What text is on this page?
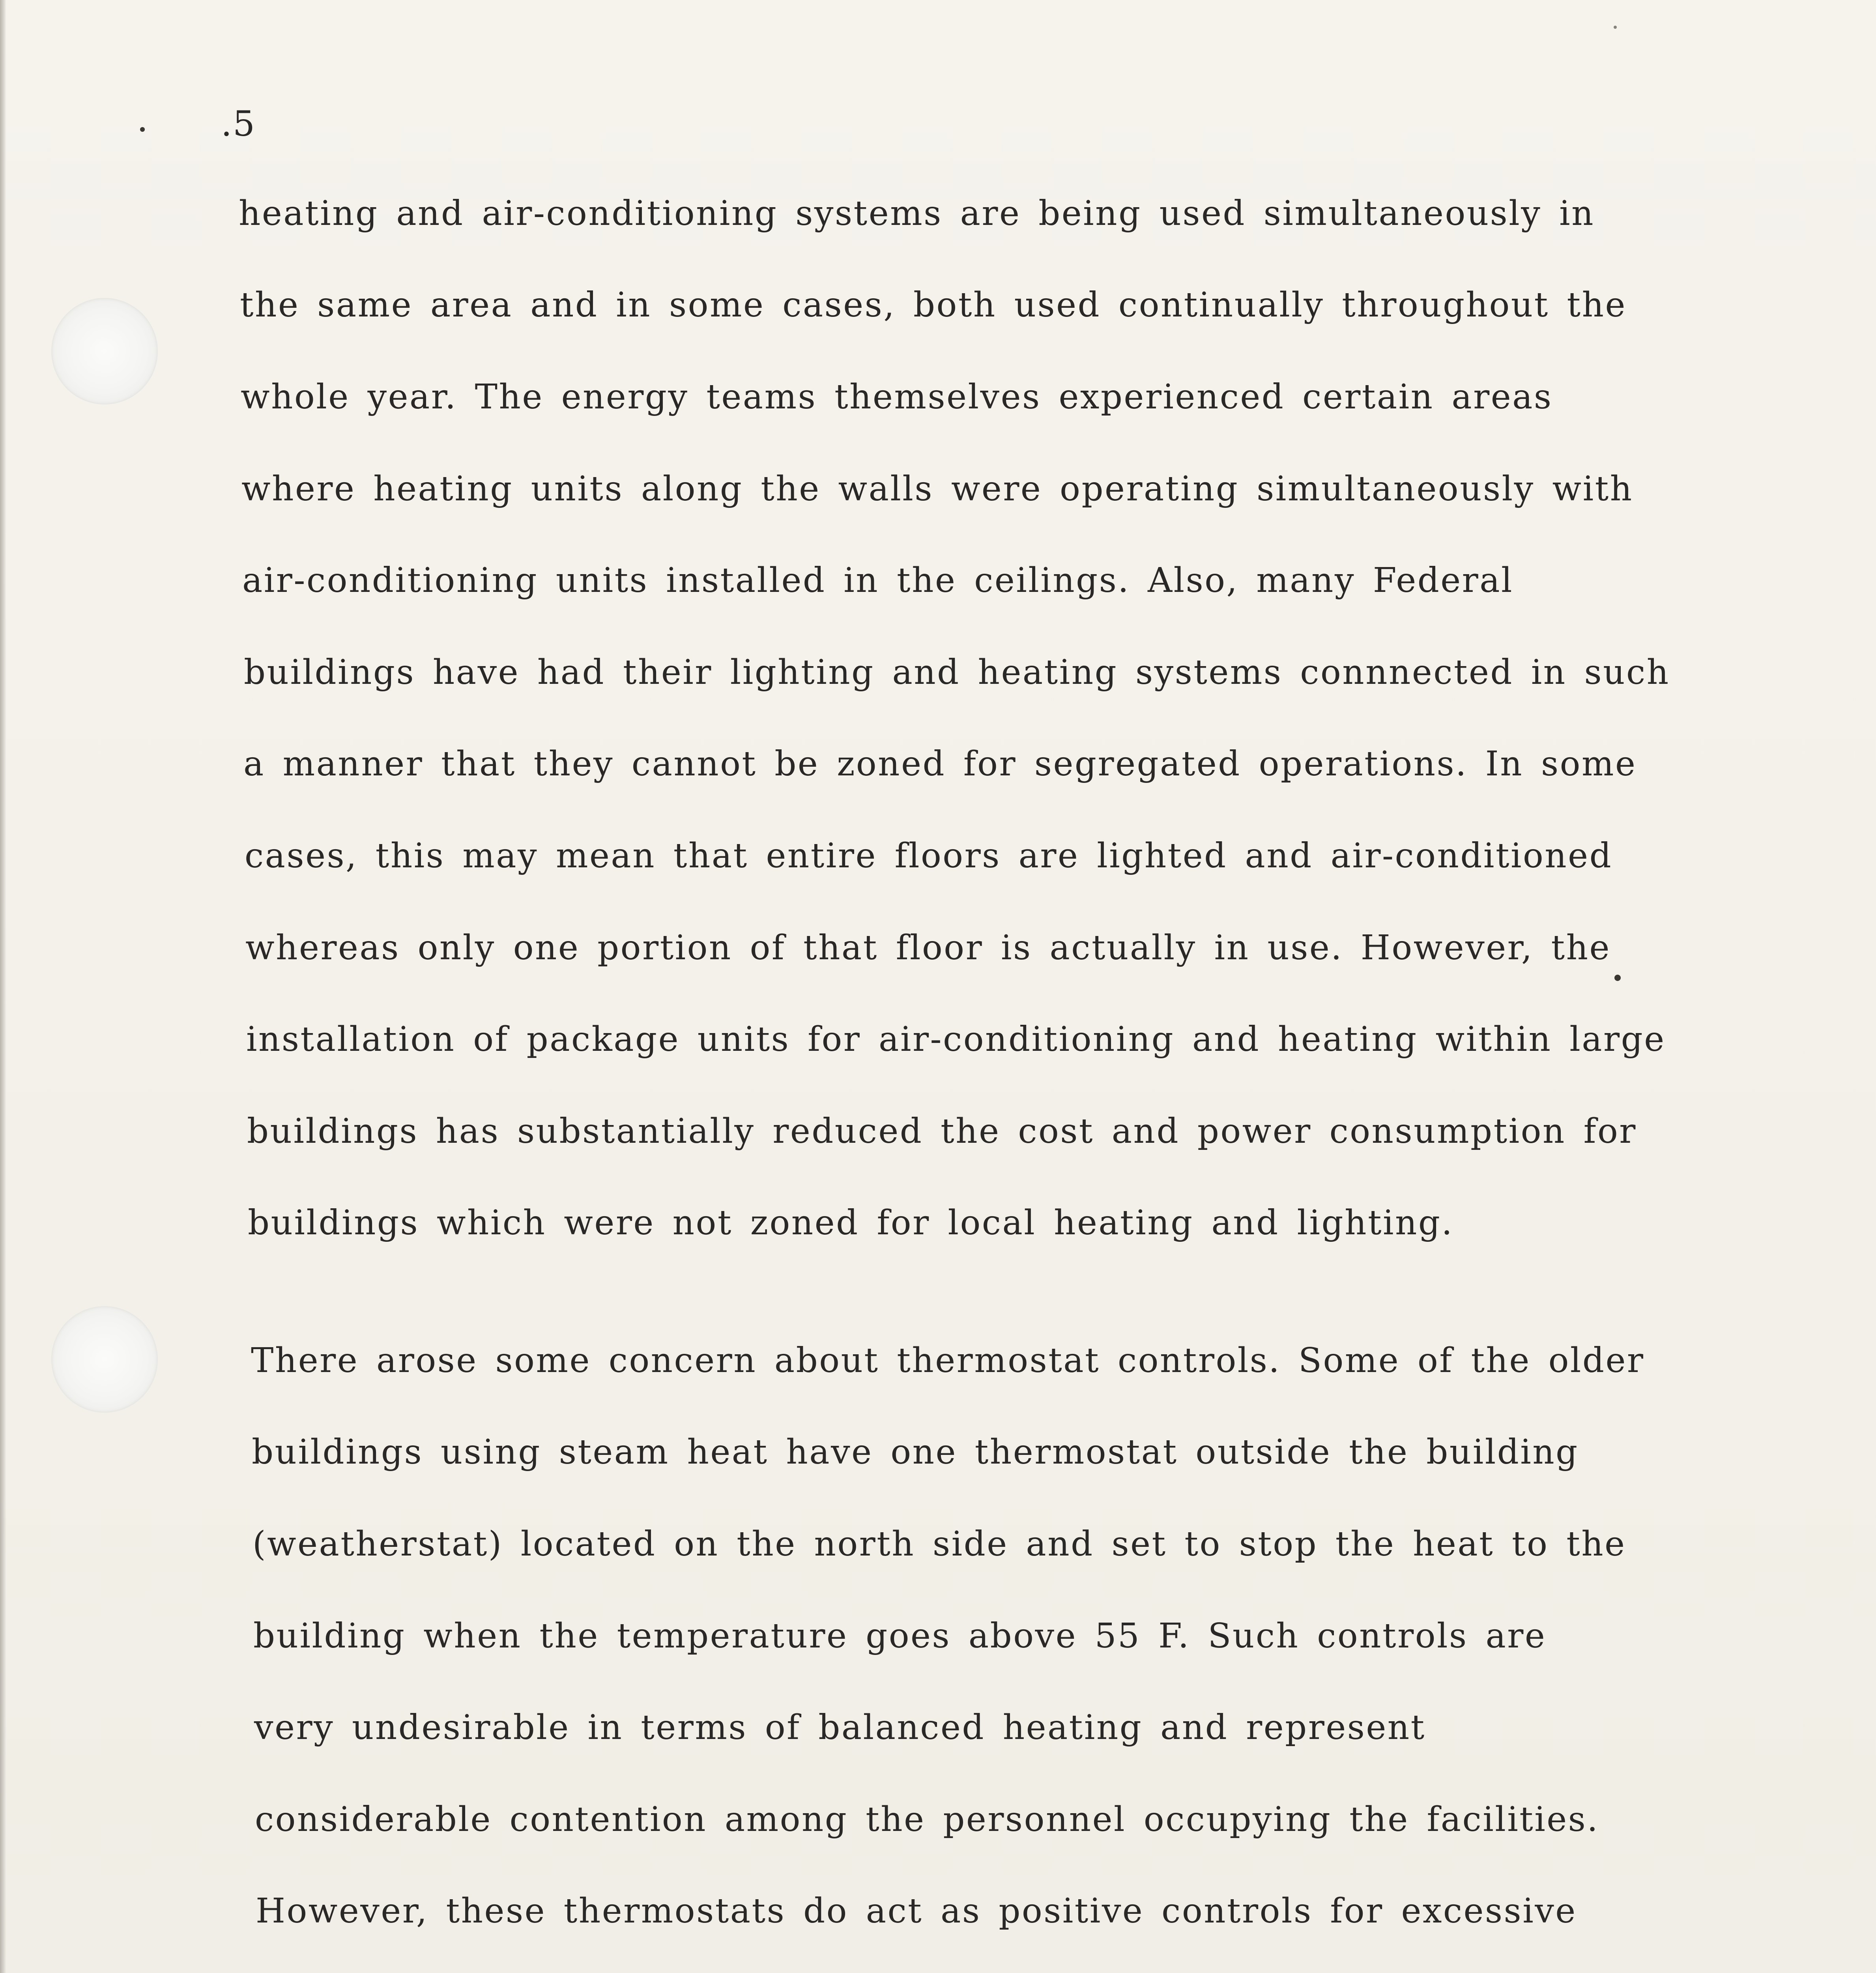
.5
heating and air-conditioning systems are being used simultaneously in
the same area and in some cases, both used continually throughout the
whole year. The energy teams themselves experienced certain areas
where heating units along the walls were operating simultaneously with
air-conditioning units installed in the ceilings. Also, many Federal
buildings have had their lighting and heating systems connnected in such
a manner that they cannot be zoned for segregated operations. In some
cases, this may mean that entire floors are lighted and air-conditioned
whereas only one portion of that floor is actually in use. However, the
installation of package units for air-conditioning and heating within large
buildings has substantially reduced the cost and power consumption for
buildings which were not zoned for local heating and lighting.
There arose some concern about thermostat controls. Some of the older
buildings using steam heat have one thermostat outside the building
(weatherstat) located on the north side and set to stop the heat to the
building when the temperature goes above 55 F. Such controls are
very undesirable in terms of balanced heating and represent
considerable contention among the personnel occupying the facilities.
However, these thermostats do act as positive controls for excessive
